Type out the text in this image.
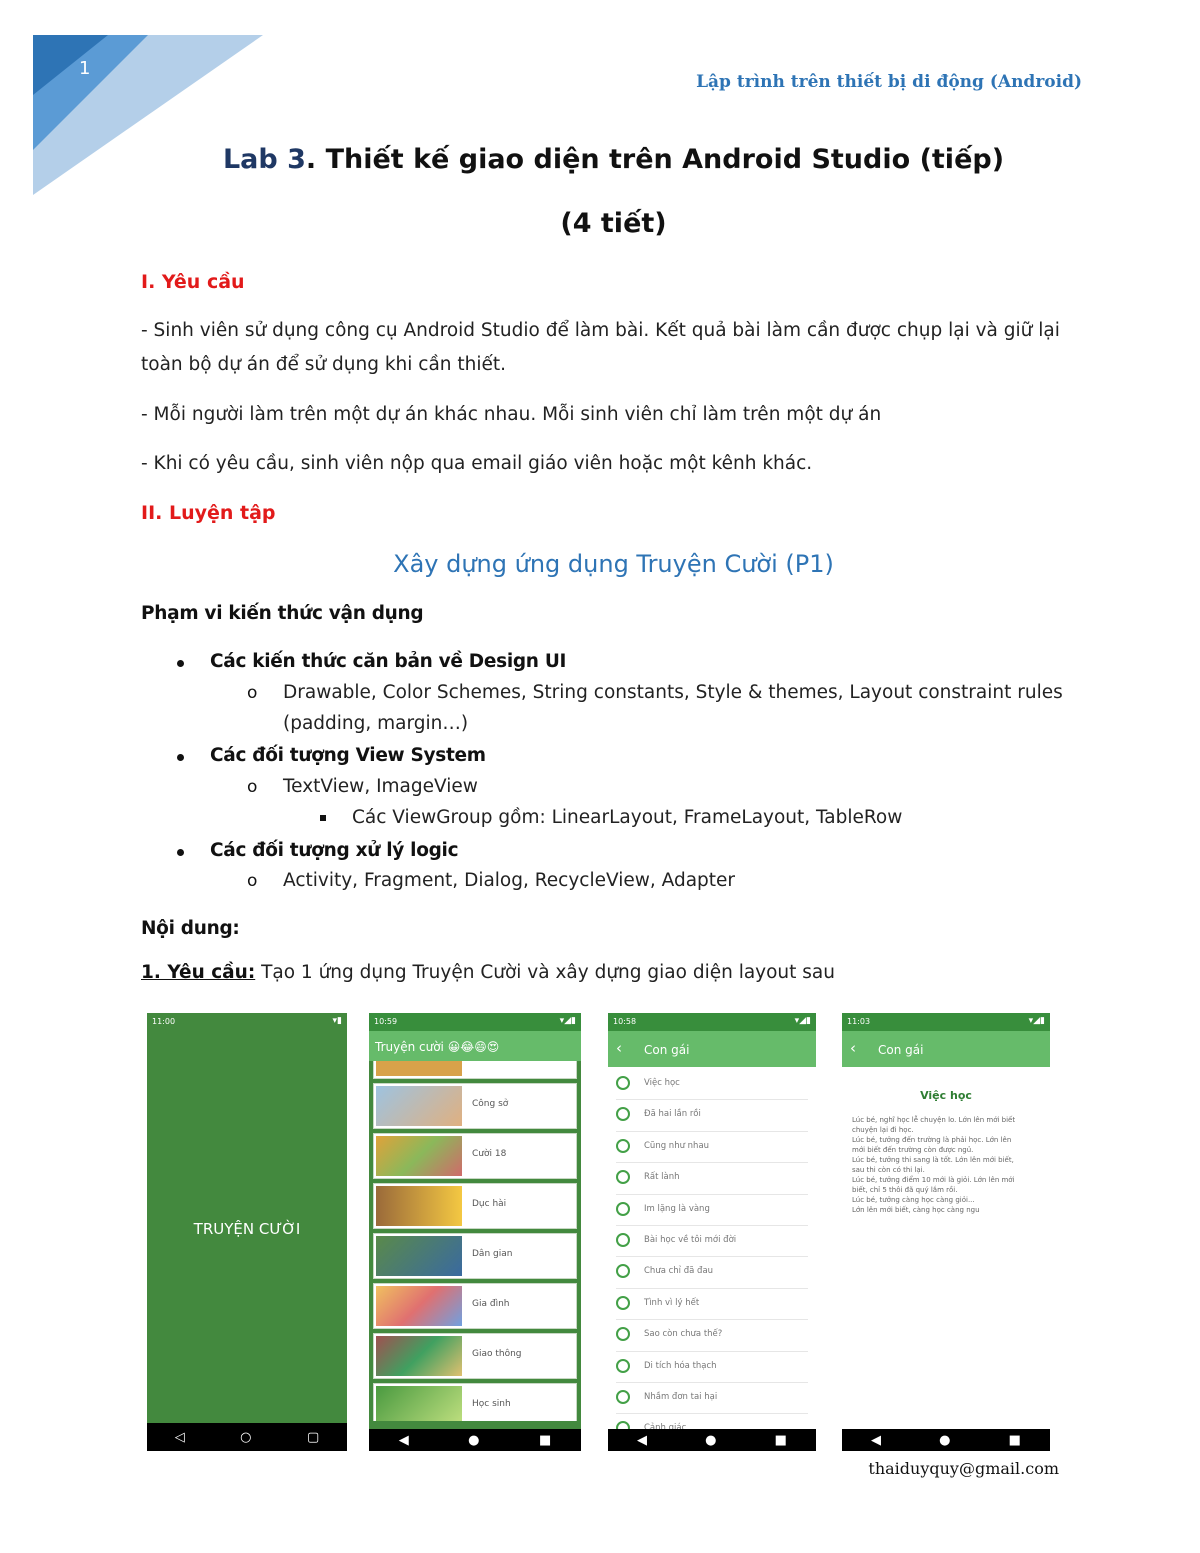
1
Lập trình trên thiết bị di động (Android)
Lab 3. Thiết kế giao diện trên Android Studio (tiếp)
(4 tiết)
I. Yêu cầu
- Sinh viên sử dụng công cụ Android Studio để làm bài. Kết quả bài làm cần được chụp lại và giữ lại toàn bộ dự án để sử dụng khi cần thiết.
- Mỗi người làm trên một dự án khác nhau. Mỗi sinh viên chỉ làm trên một dự án
- Khi có yêu cầu, sinh viên nộp qua email giáo viên hoặc một kênh khác.
II. Luyện tập
Xây dựng ứng dụng Truyện Cười (P1)
Phạm vi kiến thức vận dụng
Các kiến thức căn bản về Design UI
o Drawable, Color Schemes, String constants, Style & themes, Layout constraint rules
(padding, margin…)
Các đối tượng View System
o TextView, ImageView
Các ViewGroup gồm: LinearLayout, FrameLayout, TableRow
Các đối tượng xử lý logic
o Activity, Fragment, Dialog, RecycleView, Adapter
Nội dung:
1. Yêu cầu: Tạo 1 ứng dụng Truyện Cười và xây dựng giao diện layout sau
11:00	▾▮
TRUYỆN CƯỜI
◁	○	▢
10:59	▾◢▮
Truyện cười 😀😂😄😍
Công sở
Cười 18
Dục hài
Dân gian
Gia đình
Giao thông
Học sinh
◀	●	■
10:58	▾◢▮
‹ Con gái
Việc học
Đã hai lần rồi
Cũng như nhau
Rất lành
Im lặng là vàng
Bài học về tôi mới đời
Chưa chỉ đã đau
Tình vì lý hết
Sao còn chưa thế?
Di tích hóa thạch
Nhầm đơn tai hại
◀	●	■
11:03	▾◢▮
‹ Con gái
Việc học
Lúc bé, nghĩ học lễ chuyện lo. Lớn lên mới biết
chuyện lại đi học.
Lúc bé, tưởng đến trường là phải học. Lớn lên
mới biết đến trường còn được ngủ.
Lúc bé, tưởng thi sang là tốt. Lớn lên mới biết,
sau thi còn có thi lại.
Lúc bé, tưởng điểm 10 mới là giỏi. Lớn lên mới
biết, chỉ 5 thôi đã quý lắm rồi.
Lúc bé, tưởng càng học càng giỏi...
Lớn lên mới biết, càng học càng ngu
◀	●	■
thaiduyquy@gmail.com
